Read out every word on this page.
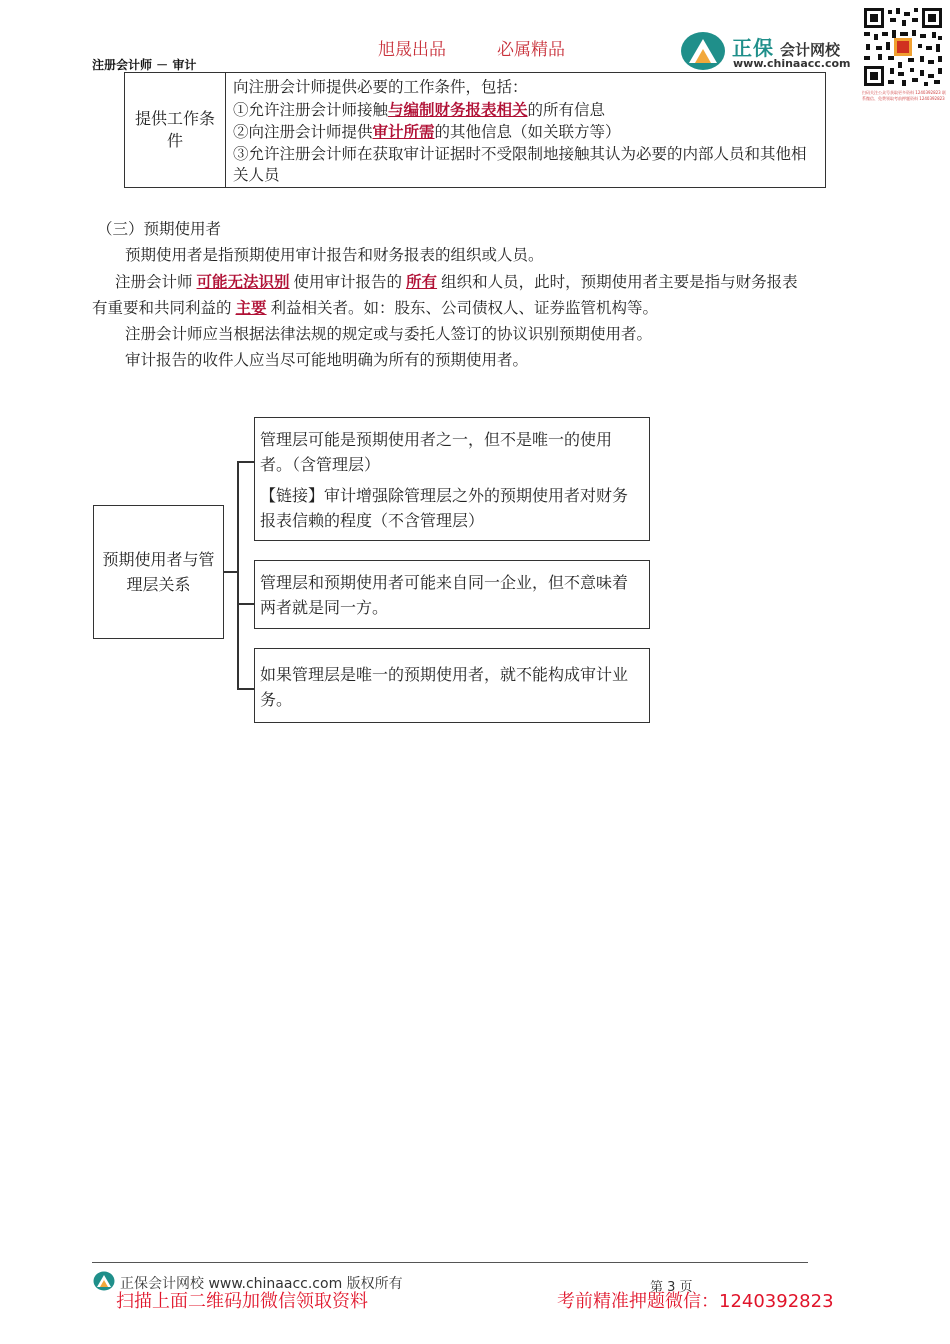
旭晟出品	必属精品
注册会计师 － 审计
正保 会计网校
www.chinaacc.com
扫码关注公众号获取更多资料 1240392823 联系微信、免费领取考前押题资料 1240392823
提供工作条件

向注册会计师提供必要的工作条件，包括：

①允许注册会计师接触与编制财务报表相关的所有信息

②向注册会计师提供审计所需的其他信息（如关联方等）

③允许注册会计师在获取审计证据时不受限制地接触其认为必要的内部人员和其他相关人员

（三）预期使用者
预期使用者是指预期使用审计报告和财务报表的组织或人员。
注册会计师 可能无法识别 使用审计报告的 所有 组织和人员，此时，预期使用者主要是指与财务报表
有重要和共同利益的 主要 利益相关者。如：股东、公司债权人、证券监管机构等。
注册会计师应当根据法律法规的规定或与委托人签订的协议识别预期使用者。
审计报告的收件人应当尽可能地明确为所有的预期使用者。
预期使用者与管理层关系

管理层可能是预期使用者之一，但不是唯一的使用者。（含管理层）

【链接】审计增强除管理层之外的预期使用者对财务报表信赖的程度（不含管理层）

管理层和预期使用者可能来自同一企业，但不意味着两者就是同一方。
如果管理层是唯一的预期使用者，就不能构成审计业务。
正保会计网校 www.chinaacc.com 版权所有	第 3 页
扫描上面二维码加微信领取资料	考前精准押题微信：1240392823
